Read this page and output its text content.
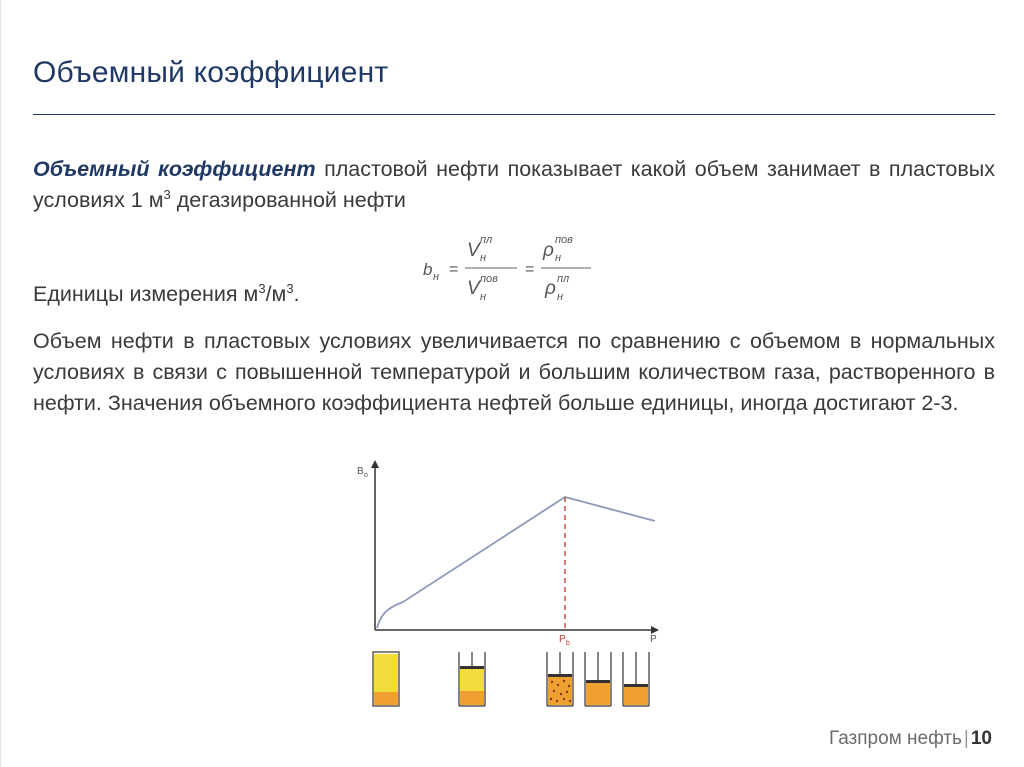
Объемный коэффициент
Объемный коэффициент пластовой нефти показывает какой объем занимает в пластовых условиях 1 $м^3$ дегазированной нефти
b н =
V пл
н
V пов
н
=
ρ пов
н
ρ пл
н
Единицы измерения $м^3/м^3$.
Объем нефти в пластовых условиях увеличивается по сравнению с объемом в нормальных условиях в связи с повышенной температурой и большим количеством газа, растворенного в нефти. Значения объемного коэффициента нефтей больше единицы, иногда достигают 2-3.
B o
P
P b
Газпром нефть | 10
